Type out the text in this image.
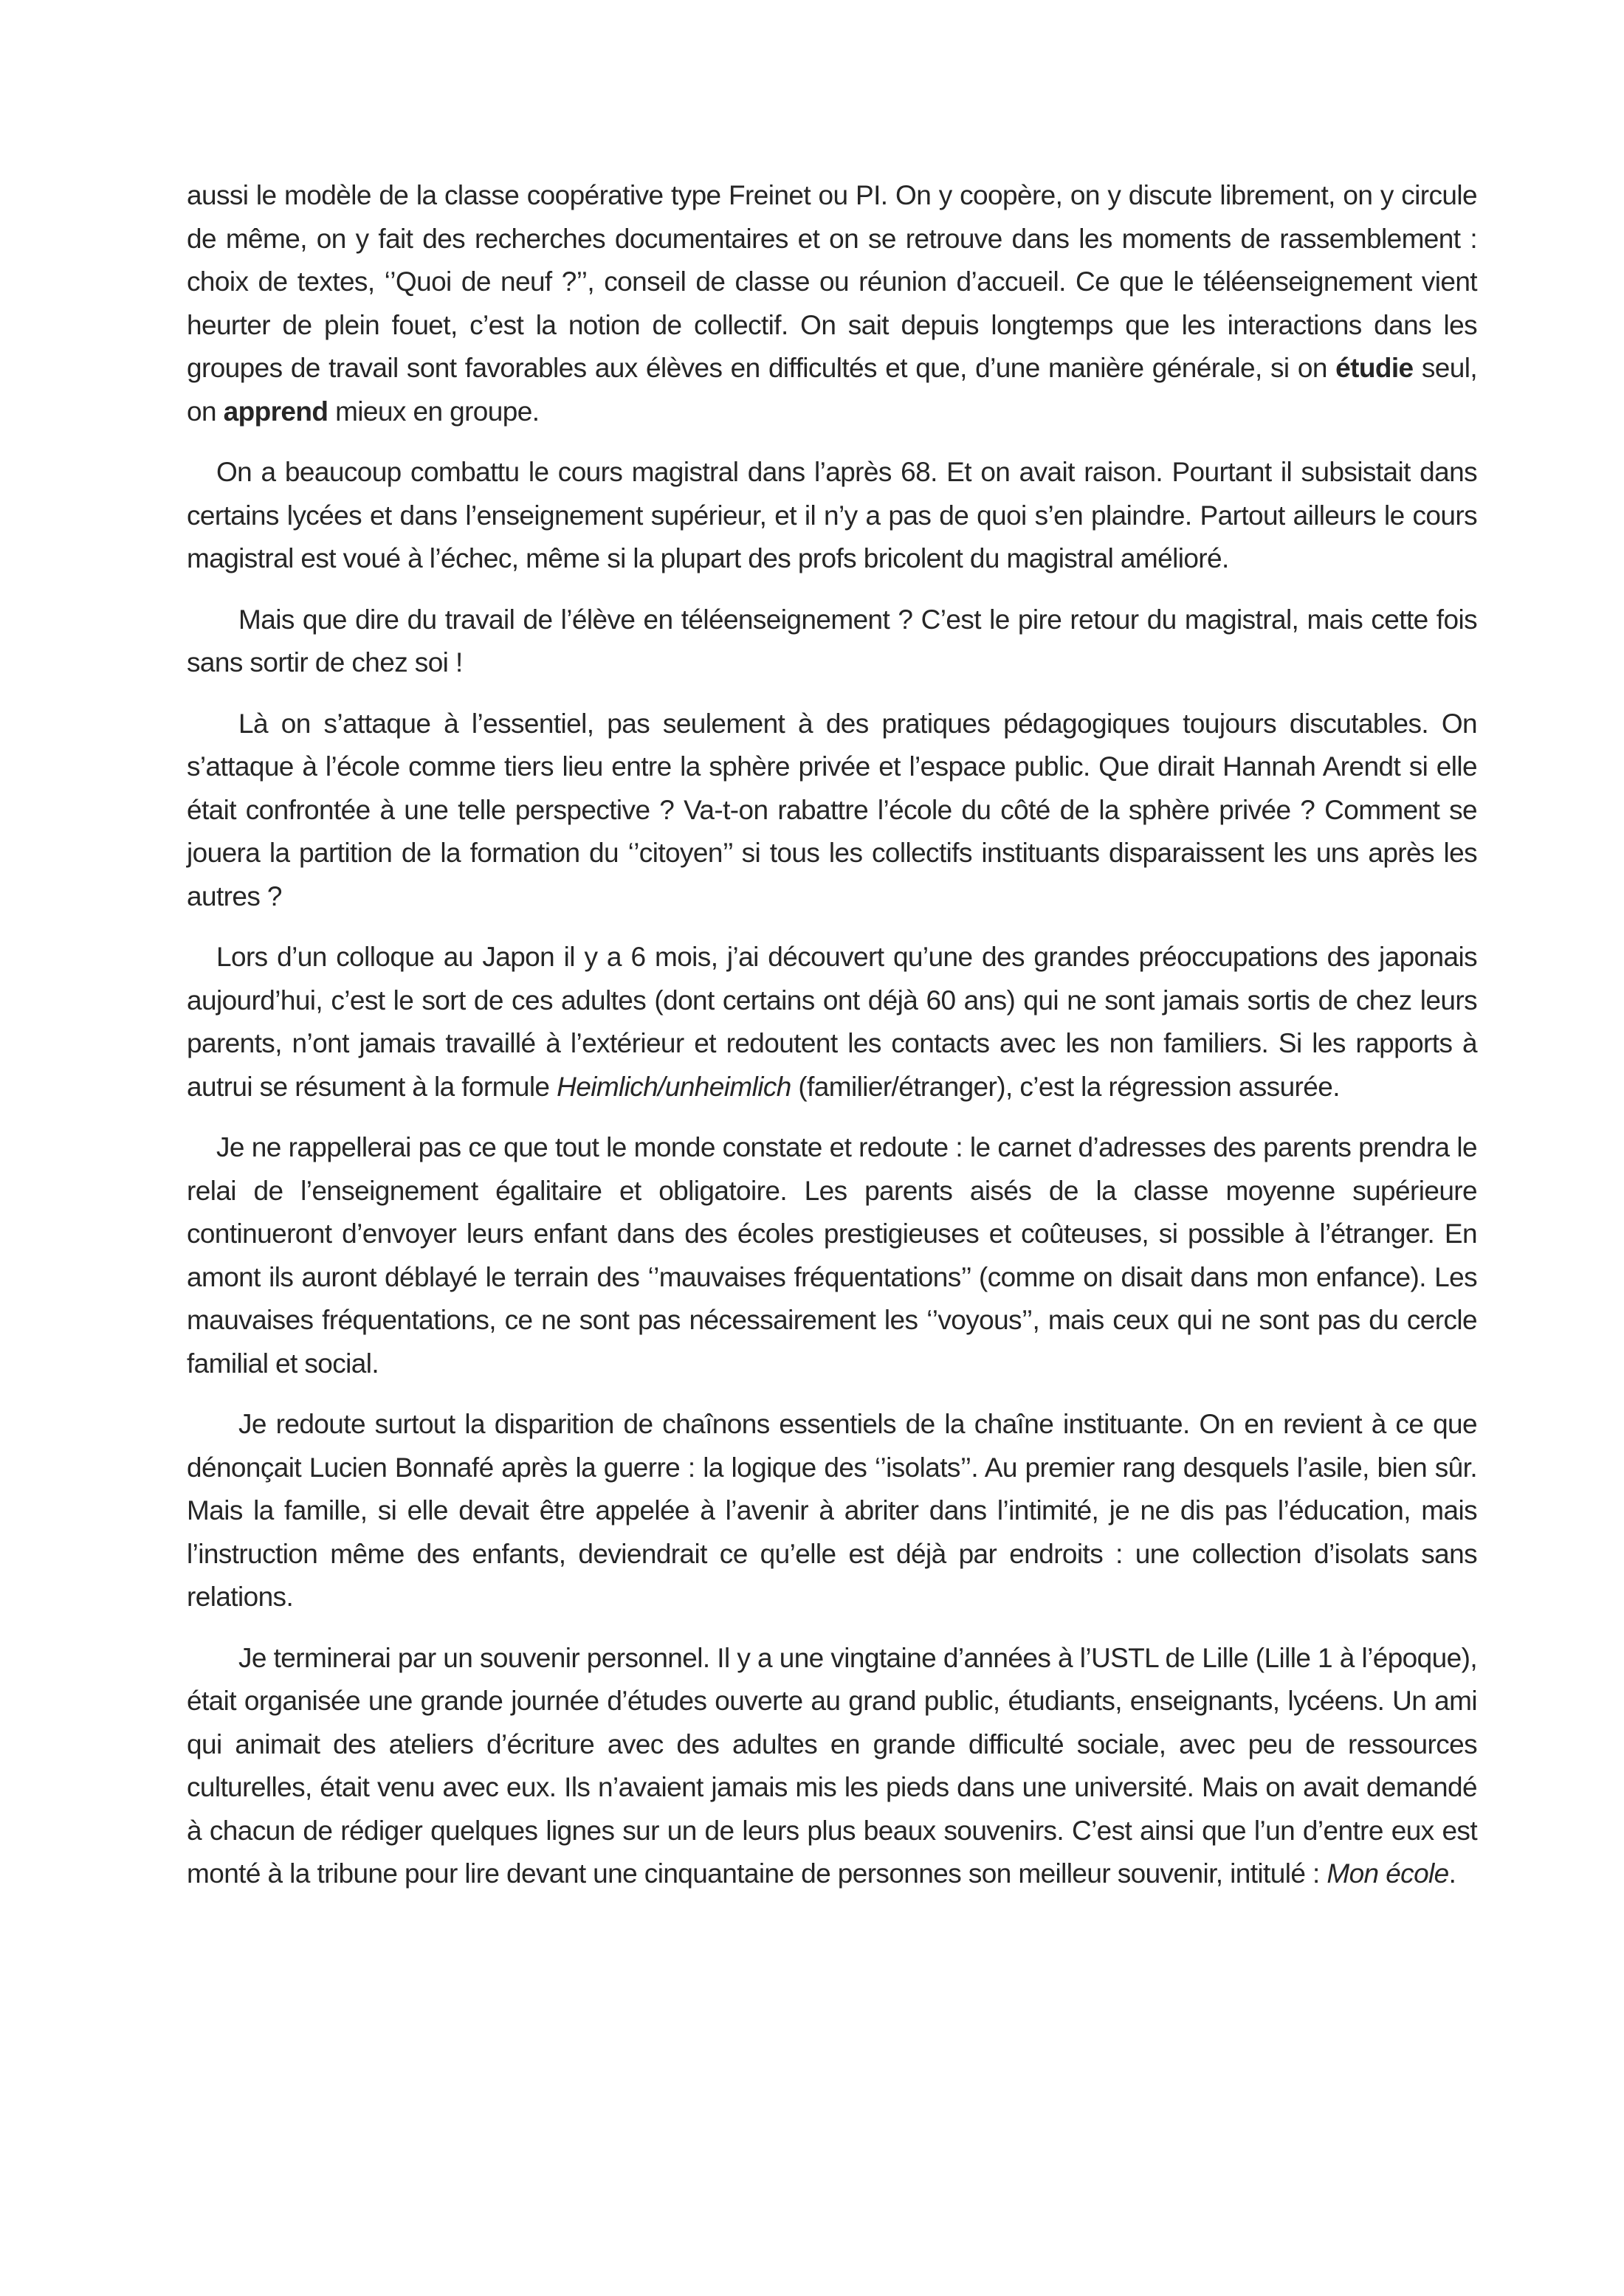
aussi le modèle de la classe coopérative type Freinet ou PI. On y coopère, on y discute librement, on y circule de même, on y fait des recherches documentaires et on se retrouve dans les moments de rassemblement : choix de textes, ‘’Quoi de neuf ?’’, conseil de classe ou réunion d’accueil. Ce que le téléenseignement vient heurter de plein fouet, c’est la notion de collectif. On sait depuis longtemps que les interactions dans les groupes de travail sont favorables aux élèves en difficultés et que, d’une manière générale, si on étudie seul, on apprend mieux en groupe.

On a beaucoup combattu le cours magistral dans l’après 68. Et on avait raison. Pourtant il subsistait dans certains lycées et dans l’enseignement supérieur, et il n’y a pas de quoi s’en plaindre. Partout ailleurs le cours magistral est voué à l’échec, même si la plupart des profs bricolent du magistral amélioré.

Mais que dire du travail de l’élève en téléenseignement ? C’est le pire retour du magistral, mais cette fois sans sortir de chez soi !

Là on s’attaque à l’essentiel, pas seulement à des pratiques pédagogiques toujours discutables. On s’attaque à l’école comme tiers lieu entre la sphère privée et l’espace public. Que dirait Hannah Arendt si elle était confrontée à une telle perspective ? Va-t-on rabattre l’école du côté de la sphère privée ? Comment se jouera la partition de la formation du ‘’citoyen’’ si tous les collectifs instituants disparaissent les uns après les autres ?

Lors d’un colloque au Japon il y a 6 mois, j’ai découvert qu’une des grandes préoccupations des japonais aujourd’hui, c’est le sort de ces adultes (dont certains ont déjà 60 ans) qui ne sont jamais sortis de chez leurs parents, n’ont jamais travaillé à l’extérieur et redoutent les contacts avec les non familiers. Si les rapports à autrui se résument à la formule Heimlich/unheimlich (familier/étranger), c’est la régression assurée.

Je ne rappellerai pas ce que tout le monde constate et redoute : le carnet d’adresses des parents prendra le relai de l’enseignement égalitaire et obligatoire. Les parents aisés de la classe moyenne supérieure continueront d’envoyer leurs enfant dans des écoles prestigieuses et coûteuses, si possible à l’étranger. En amont ils auront déblayé le terrain des ‘’mauvaises fréquentations’’ (comme on disait dans mon enfance). Les mauvaises fréquentations, ce ne sont pas nécessairement les ‘’voyous’’, mais ceux qui ne sont pas du cercle familial et social.

Je redoute surtout la disparition de chaînons essentiels de la chaîne instituante. On en revient à ce que dénonçait Lucien Bonnafé après la guerre : la logique des ‘’isolats’’. Au premier rang desquels l’asile, bien sûr. Mais la famille, si elle devait être appelée à l’avenir à abriter dans l’intimité, je ne dis pas l’éducation, mais l’instruction même des enfants, deviendrait ce qu’elle est déjà par endroits : une collection d’isolats sans relations.

Je terminerai par un souvenir personnel. Il y a une vingtaine d’années à l’USTL de Lille (Lille 1 à l’époque), était organisée une grande journée d’études ouverte au grand public, étudiants, enseignants, lycéens. Un ami qui animait des ateliers d’écriture avec des adultes en grande difficulté sociale, avec peu de ressources culturelles, était venu avec eux. Ils n’avaient jamais mis les pieds dans une université. Mais on avait demandé à chacun de rédiger quelques lignes sur un de leurs plus beaux souvenirs. C’est ainsi que l’un d’entre eux est monté à la tribune pour lire devant une cinquantaine de personnes son meilleur souvenir, intitulé : Mon école.
